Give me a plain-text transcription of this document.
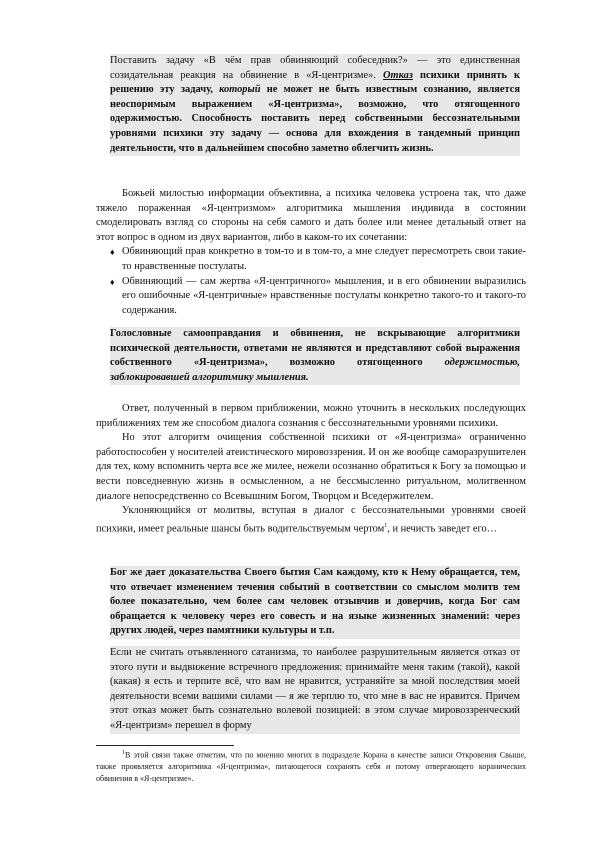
Поставить задачу «В чём прав обвиняющий собеседник?» — это единственная созидательная реакция на обвинение в «Я-центризме». Отказ психики принять к решению эту задачу, который не может не быть известным сознанию, является неоспоримым выражением «Я-центризма», возможно, что отягощенного одержимостью. Способность поставить перед собственными бессознательными уровнями психики эту задачу — основа для вхождения в тандемный принцип деятельности, что в дальнейшем способно заметно облегчить жизнь.

Божьей милостью информации объективна, а психика человека устроена так, что даже тяжело пораженная «Я-центризмом» алгоритмика мышления индивида в состоянии смоделировать взгляд со стороны на себя самого и дать более или менее детальный ответ на этот вопрос в одном из двух вариантов, либо в каком-то их сочетании:

♦ Обвиняющий прав конкретно в том-то и в том-то, а мне следует пересмотреть свои такие-то нравственные постулаты.
♦ Обвиняющий — сам жертва «Я-центричного» мышления, и в его обвинении выразились его ошибочные «Я-центричные» нравственные постулаты конкретно такого-то и такого-то содержания.
Голословные самооправдания и обвинения, не вскрывающие алгоритмики психической деятельности, ответами не являются и представляют собой выражения собственного «Я-центризма», возможно отягощенного одержимостью, заблокировавшей алгоритмику мышления.

Ответ, полученный в первом приближении, можно уточнить в нескольких последующих приближениях тем же способом диалога сознания с бессознательными уровнями психики.

Но этот алгоритм очищения собственной психики от «Я-центризма» ограниченно работоспособен у носителей атеистического мировоззрения. И он же вообще саморазрушителен для тех, кому вспомнить черта все же милее, нежели осознанно обратиться к Богу за помощью и вести повседневную жизнь в осмысленном, а не бессмысленно ритуальном, молитвенном диалоге непосредственно со Всевышним Богом, Творцом и Вседержителем.

Уклоняющийся от молитвы, вступая в диалог с бессознательными уровнями своей психики, имеет реальные шансы быть водительствуемым чертом$^1$, и нечисть заведет его…

Бог же дает доказательства Своего бытия Сам каждому, кто к Нему обращается, тем, что отвечает изменением течения событий в соответствии со смыслом молитв тем более показательно, чем более сам человек отзывчив и доверчив, когда Бог сам обращается к человеку через его совесть и на языке жизненных знамений: через других людей, через памятники культуры и т.п.
Если не считать отъявленного сатанизма, то наиболее разрушительным является отказ от этого пути и выдвижение встречного предложения: принимайте меня таким (такой), какой (какая) я есть и терпите всё, что вам не нравится, устраняйте за мной последствия моей деятельности всеми вашими силами — я же терплю то, что мне в вас не нравится. Причем этот отказ может быть сознательно волевой позицией: в этом случае мировоззренческий «Я-центризм» перешел в форму
$^1$В этой связи также отметим, что по мнению многих в подразделе Корана в качестве записи Откровения Свыше, также проявляется алгоритмика «Я-центризма», питающегося сохранять себя и потому отвергающего коранических обвинения в «Я-центризме».
